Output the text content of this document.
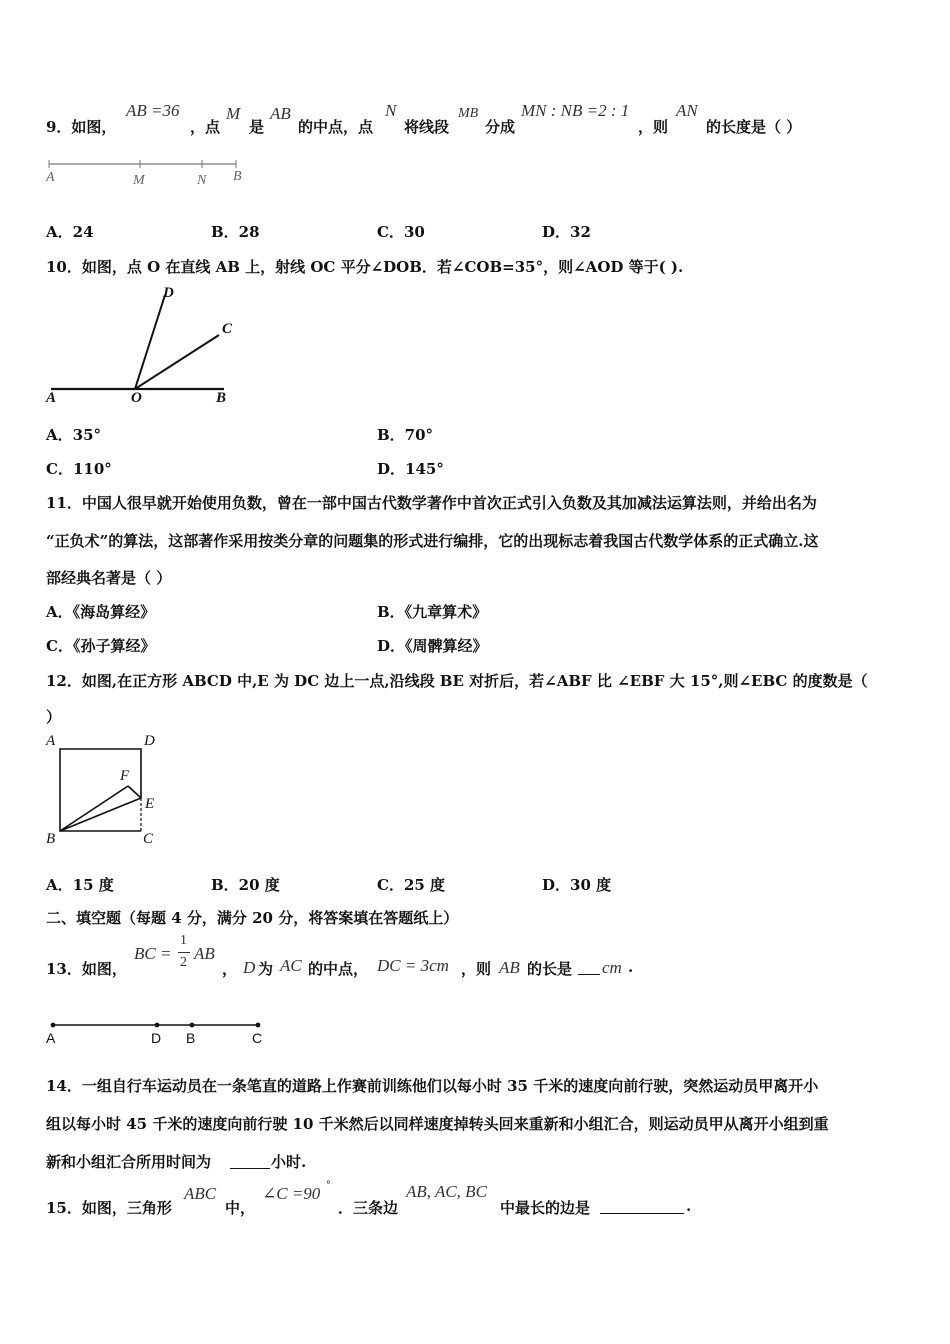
9．如图，
AB =36
，点
M
是
AB
的中点，点
N
将线段
MB
分成
MN : NB =2 : 1
，则
AN
的长度是（ ）
A	M	N B
A．24	B．28	C．30	D．32
10．如图，点 O 在直线 AB 上，射线 OC 平分∠DOB．若∠COB=35°，则∠AOD 等于( ).
D
C
A	O	B
A．35°	B．70°
C．110°	D．145°
11．中国人很早就开始使用负数，曾在一部中国古代数学著作中首次正式引入负数及其加减法运算法则，并给出名为
“正负术”的算法，这部著作采用按类分章的问题集的形式进行编排，它的出现标志着我国古代数学体系的正式确立.这
部经典名著是（ ）
A．《海岛算经》	B．《九章算术》
C．《孙子算经》	D．《周髀算经》
12．如图,在正方形 ABCD 中,E 为 DC 边上一点,沿线段 BE 对折后，若∠ABF 比 ∠EBF 大 15°,则∠EBC 的度数是（
）
A	D
F
E
B	C
A．15 度	B．20 度	C．25 度	D．30 度
二、填空题（每题 4 分，满分 20 分，将答案填在答题纸上）
13．如图，
BC =
1
2 AB
， D 为 AC 的中点， DC = 3cm ，则 AB 的长是 cm .
A	D B	C
14．一组自行车运动员在一条笔直的道路上作赛前训练他们以每小时 35 千米的速度向前行驶，突然运动员甲离开小
组以每小时 45 千米的速度向前行驶 10 千米然后以同样速度掉转头回来重新和小组汇合，则运动员甲从离开小组到重
新和小组汇合所用时间为	小时.
15．如图，三角形
ABC
中，
∠C =90 °
．三条边
AB, AC, BC
中最长的边是	.
